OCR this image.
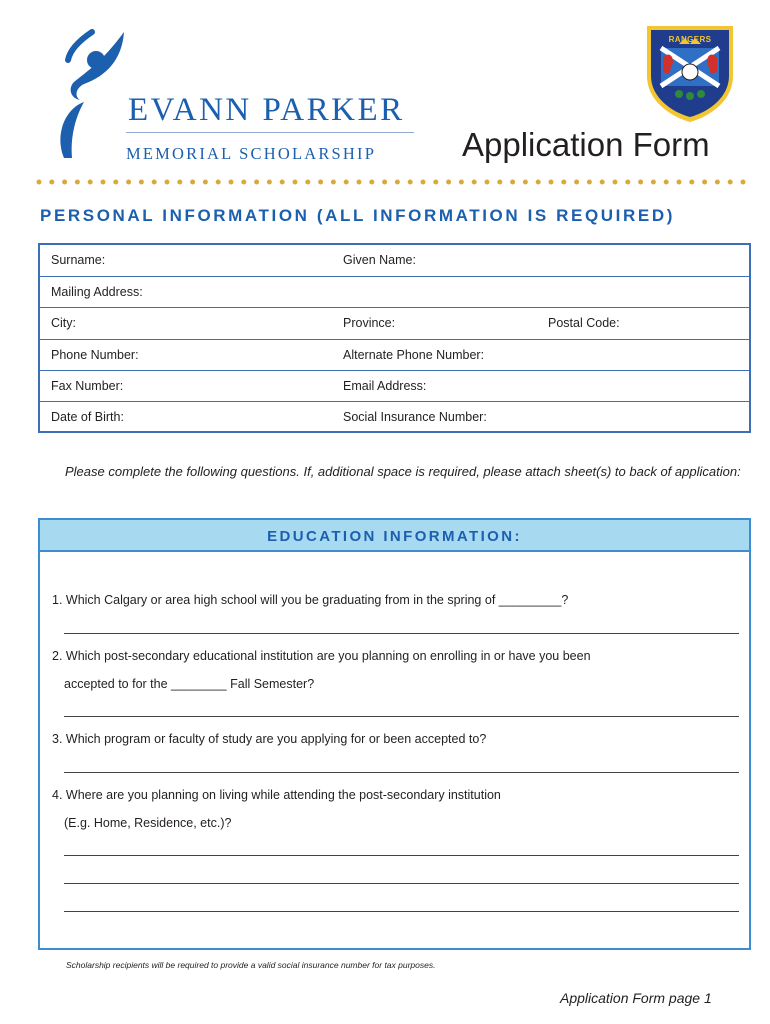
EVANN PARKER
MEMORIAL SCHOLARSHIP
RANGERS
Application Form
PERSONAL INFORMATION (ALL INFORMATION IS REQUIRED)
Surname:	Given Name:
Mailing Address:
City:	Province:	Postal Code:
Phone Number:	Alternate Phone Number:
Fax Number:	Email Address:
Date of Birth:	Social Insurance Number:
Please complete the following questions. If, additional space is required, please attach sheet(s) to back of application:
EDUCATION INFORMATION:
1. Which Calgary or area high school will you be graduating from in the spring of _________?
2. Which post-secondary educational institution are you planning on enrolling in or have you been
accepted to for the ________ Fall Semester?
3. Which program or faculty of study are you applying for or been accepted to?
4. Where are you planning on living while attending the post-secondary institution
(E.g. Home, Residence, etc.)?
Scholarship recipients will be required to provide a valid social insurance number for tax purposes.
Application Form page 1
